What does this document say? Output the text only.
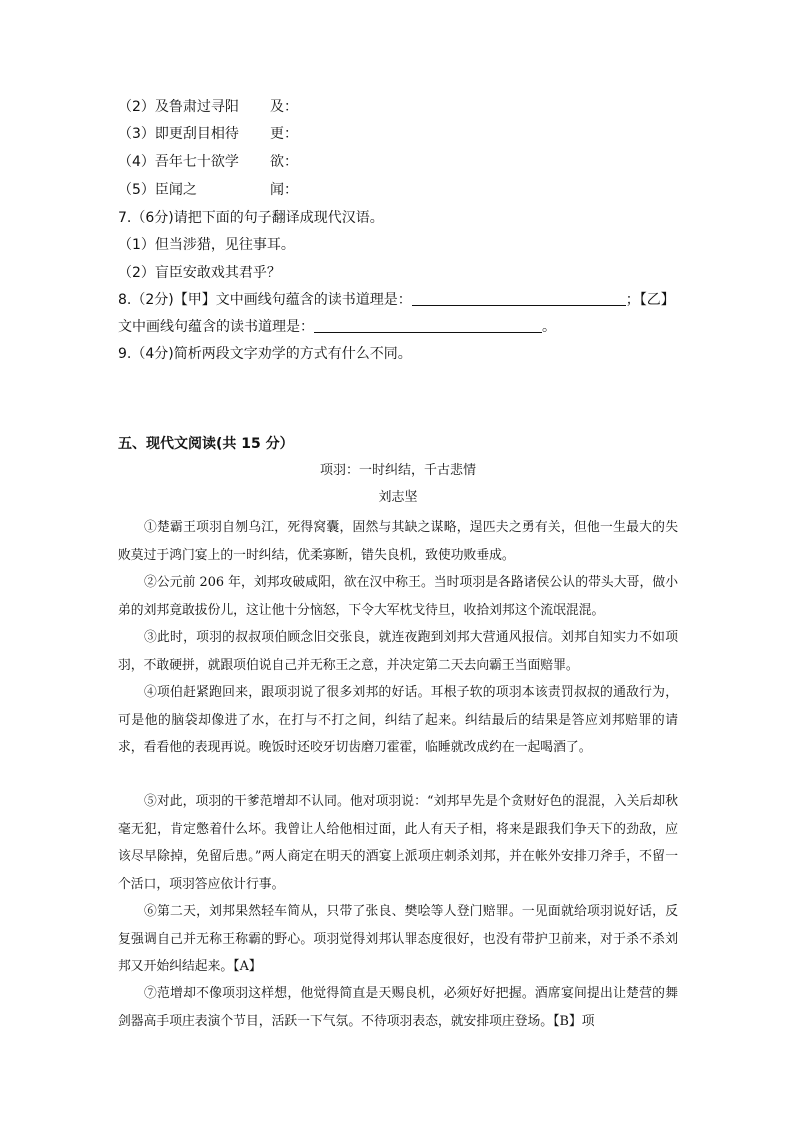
（2）及鲁肃过寻阳 及：
（3）即更刮目相待 更：
（4）吾年七十欲学 欲：
（5）臣闻之	闻：
7.（6分)请把下面的句子翻译成现代汉语。
（1）但当涉猎，见往事耳。
（2）盲臣安敢戏其君乎？
8.（2分)【甲】文中画线句蕴含的读书道理是：	；【乙】
文中画线句蕴含的读书道理是：	。
9.（4分)简析两段文字劝学的方式有什么不同。
五、现代文阅读(共 15 分）
项羽：一时纠结，千古悲情
刘志坚

①楚霸王项羽自刎乌江，死得窝囊，固然与其缺之谋略，逞匹夫之勇有关，但他一生最大的失败莫过于鸿门宴上的一时纠结，优柔寡断，错失良机，致使功败垂成。

②公元前 206 年，刘邦攻破咸阳，欲在汉中称王。当时项羽是各路诸侯公认的带头大哥，做小弟的刘邦竟敢拔份儿，这让他十分恼怒，下令大军枕戈待旦，收拾刘邦这个流氓混混。

③此时，项羽的叔叔项伯顾念旧交张良，就连夜跑到刘邦大营通风报信。刘邦自知实力不如项羽，不敢硬拼，就跟项伯说自己并无称王之意，并决定第二天去向霸王当面赔罪。

④项伯赶紧跑回来，跟项羽说了很多刘邦的好话。耳根子软的项羽本该责罚叔叔的通敌行为，可是他的脑袋却像进了水，在打与不打之间，纠结了起来。纠结最后的结果是答应刘邦赔罪的请求，看看他的表现再说。晚饭时还咬牙切齿磨刀霍霍，临睡就改成约在一起喝酒了。

⑤对此，项羽的干爹范增却不认同。他对项羽说：“刘邦早先是个贪财好色的混混，入关后却秋毫无犯，肯定憋着什么坏。我曾让人给他相过面，此人有天子相，将来是跟我们争天下的劲敌，应该尽早除掉，免留后患。”两人商定在明天的酒宴上派项庄刺杀刘邦，并在帐外安排刀斧手，不留一个活口，项羽答应依计行事。

⑥第二天，刘邦果然轻车简从，只带了张良、樊哙等人登门赔罪。一见面就给项羽说好话，反复强调自己并无称王称霸的野心。项羽觉得刘邦认罪态度很好，也没有带护卫前来，对于杀不杀刘邦又开始纠结起来。【A】

⑦范增却不像项羽这样想，他觉得简直是天赐良机，必须好好把握。酒席宴间提出让楚营的舞剑器高手项庄表演个节目，活跃一下气氛。不待项羽表态，就安排项庄登场。【B】项
